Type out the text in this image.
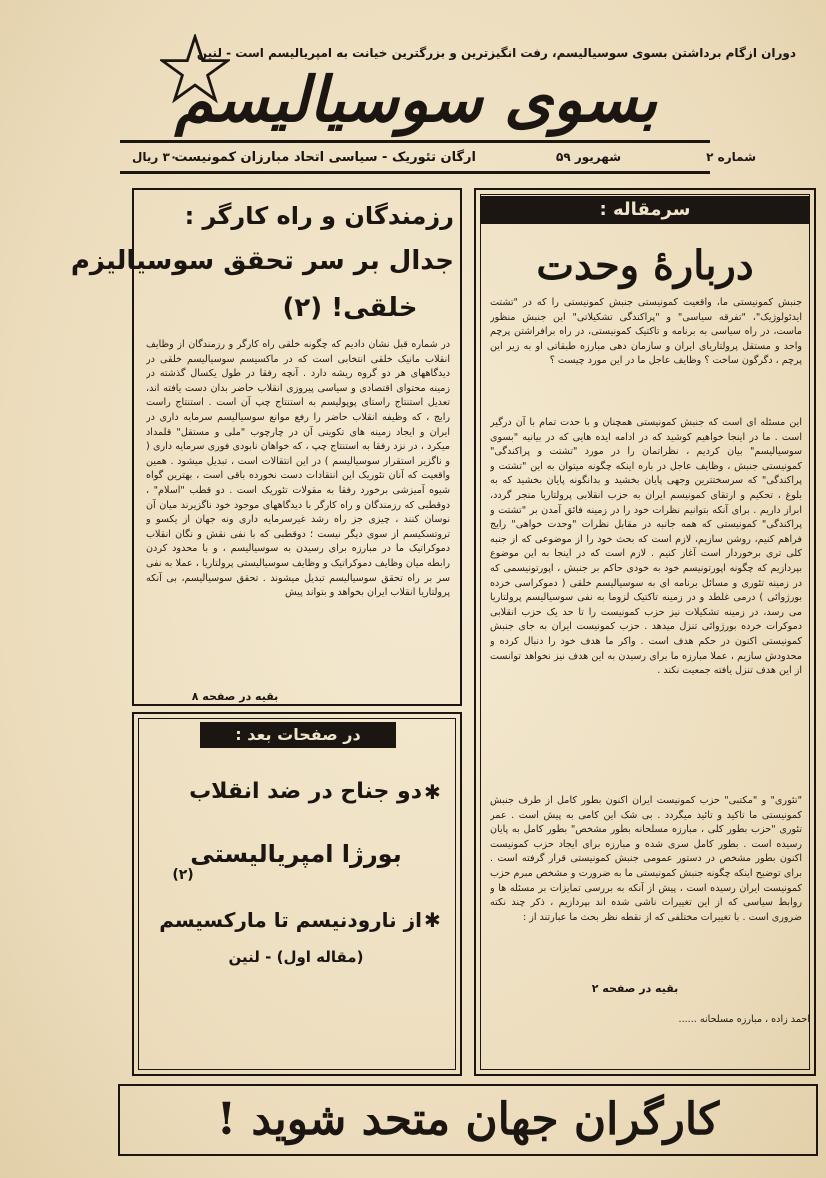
دوران ازگام برداشتن بسوی سوسیالیسم، رفت انگیزترین و بزرگترین خیانت به امپریالیسم است - لنین
بسوی سوسیالیسم
شماره ۲
شهریور ۵۹
ارگان تئوریک - سیاسی اتحاد مبارزان کمونیست
۳۰ ریال
سرمقاله :
دربارۀ وحدت
جنبش کمونیستی ما، واقعیت کمونیستی جنبش کمونیستی را که در "تشتت ایدئولوژیک"، "تفرقه سیاسی" و "پراکندگی تشکیلاتی" این جنبش منظور ماست، در راه سیاسی به برنامه و تاکتیک کمونیستی، در راه برافراشتن پرچم واحد و مستقل پرولتاریای ایران و سازمان دهی مبارزه طبقاتی او به زیر این پرچم ، دگرگون ساخت ؟ وظایف عاجل ما در این مورد چیست ؟
این مسئله ای است که جنبش کمونیستی همچنان و با حدت تمام با آن درگیر است . ما در اینجا خواهیم کوشید که در ادامه ایده هایی که در بیانیه "بسوی سوسیالیسم" بیان کردیم ، نظراتمان را در مورد "تشتت و پراکندگی" کمونیستی جنبش ، وظایف عاجل در باره اینکه چگونه میتوان به این "تشتت و پراکندگی" که سرسختترین وجهی پایان بخشید و بدانگونه پایان بخشید که به بلوغ ، تحکیم و ارتقای کمونیسم ایران به حزب انقلابی پرولتاریا منجر گردد، ابراز داریم . برای آنکه بتوانیم نظرات خود را در زمینه فائق آمدن بر "تشتت و پراکندگی" کمونیستی که همه جانبه در مقابل نظرات "وحدت خواهی" رایج فراهم کنیم، روشن سازیم، لازم است که بحث خود را از موضوعی که از جنبه کلی تری برخوردار است آغاز کنیم . لازم است که در اینجا به این موضوع بپردازیم که چگونه اپورتونیسم خود به خودی حاکم بر جنبش ، اپورتونیسمی که در زمینه تئوری و مسائل برنامه ای به سوسیالیسم خلقی ( دموکراسی خرده بورژوائی ) درمی غلطد و در زمینه تاکتیک لزوما به نفی سوسیالیسم پرولتاریا می رسد، در زمینه تشکیلات نیز حزب کمونیست را تا حد یک حزب انقلابی دموکرات خرده بورژوائی تنزل میدهد . حزب کمونیست ایران به جای جنبش کمونیستی اکنون در حکم هدف است . واکر ما هدف خود را دنبال کرده و محدودش سازیم ، عملا مبارزه ما برای رسیدن به این هدف نیز نخواهد توانست از این هدف تنزل یافته جمعیت نکند .
"تئوری" و "مکتبی" حزب کمونیست ایران اکنون بطور کامل از طرف جنبش کمونیستی ما تاکید و تائید میگردد . بی شک این کامی به پیش است . عمر تئوری "حزب بطور کلی ، مبارزه مسلحانه بطور مشخص" بطور کامل به پایان رسیده است . بطور کامل سری شده و مبارزه برای ایجاد حزب کمونیست اکنون بطور مشخص در دستور عمومی جنبش کمونیستی قرار گرفته است . برای توضیح اینکه چگونه جنبش کمونیستی ما به ضرورت و مشخص مبرم حزب کمونیست ایران رسیده است ، پیش از آنکه به بررسی تمایزات بر مسئله ها و روابط سیاسی که از این تغییرات ناشی شده اند بپردازیم ، ذکر چند نکته ضروری است . با تغییرات مختلفی که از نقطه نظر بحث ما عبارتند از :
بقیه در صفحه ۲
احمد زاده ، مبارزه مسلحانه ......
رزمندگان و راه کارگر :
جدال بر سر تحقق سوسیالیزم
خلقی! (۲)
در شماره قبل نشان دادیم که چگونه خلقی راه کارگر و رزمندگان از وظایف انقلاب مانیک خلقی انتخابی است که در ماکسیسم سوسیالیسم خلقی در دیدگاههای هر دو گروه ریشه دارد . آنچه رفقا در طول یکسال گذشته در زمینه محتوای اقتصادی و سیاسی پیروزی انقلاب حاضر بدان دست یافته اند، تعدیل استنتاج راستای پوپولیسم به استنتاج چپ آن است . استنتاج راست رایج ، که وظیفه انقلاب حاضر را رفع موانع سوسیالیسم سرمایه داری در ایران و ایجاد زمینه های تکوینی آن در چارچوب "ملی و مستقل" قلمداد میکرد ، در نزد رفقا به استنتاج چپ ، که خواهان نابودی فوری سرمایه داری ( و ناگزیر استقرار سوسیالیسم ) در این انتقالات است ، تبدیل میشود . همین واقعیت که آنان تئوریک این انتقادات دست نخورده باقی است ، بهترین گواه شیوه آمیزشی برخورد رفقا به مقولات تئوریک است . دو قطب "اسلام" ، دوقطبی که رزمندگان و راه کارگر با دیدگاههای موجود خود ناگزیرند میان آن نوسان کنند ، چیزی جز راه رشد غیرسرمایه داری ونه جهان از یکسو و تروتسکیسم از سوی دیگر نیست ؛ دوقطبی که با نفی نقش و نگان انقلاب دموکراتیک ما در مبارزه برای رسیدن به سوسیالیسم ، و با محدود کردن رابطه میان وظایف دموکراتیک و وظایف سوسیالیستی پرولتاریا ، عملا به نفی سر بر راه تحقق سوسیالیسم تبدیل میشوند . تحقق سوسیالیسم، بی آنکه پرولتاریا انقلاب ایران بخواهد و بتواند پیش
بقیه در صفحه ۸
در صفحات بعد :
دو جناح در ضد انقلاب ✱
بورژا امپریالیستی
(۲)
از نارودنیسم تا مارکسیسم ✱
(مقاله اول) - لنین
کارگران جهان متحد شوید !
